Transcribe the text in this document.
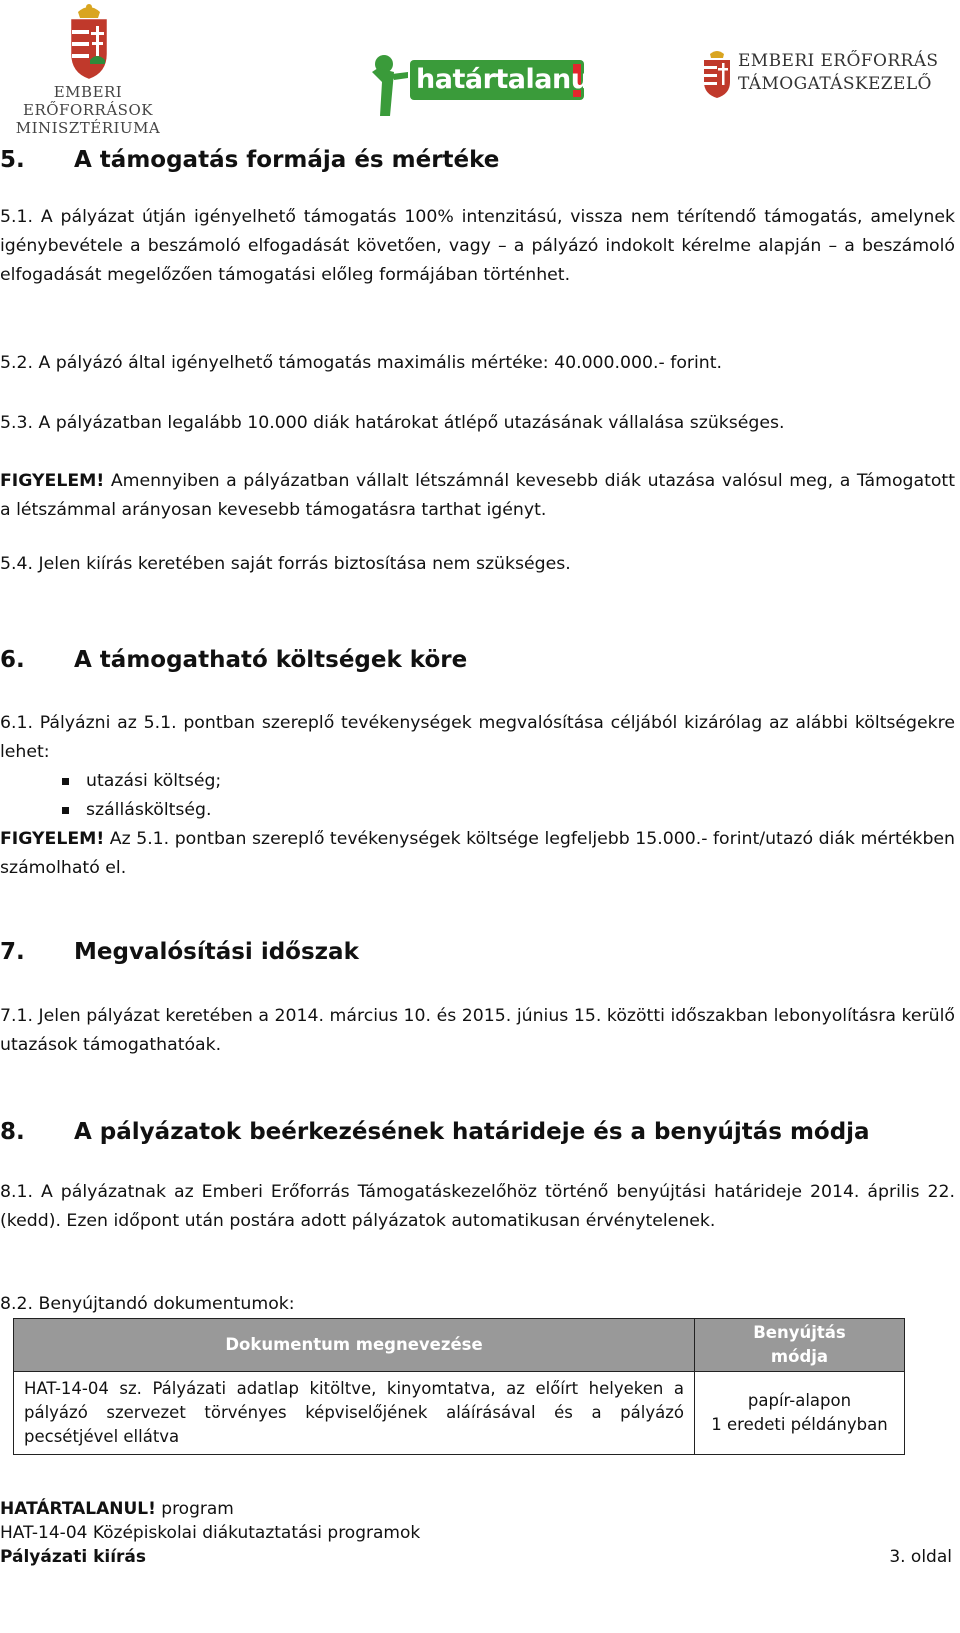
EMBERI ERŐFORRÁSOK
MINISZTÉRIUMA
határtalanul!
EMBERI ERŐFORRÁS
TÁMOGATÁSKEZELŐ
5. A támogatás formája és mértéke
5.1. A pályázat útján igényelhető támogatás 100% intenzitású, vissza nem térítendő támogatás, amelynek igénybevétele a beszámoló elfogadását követően, vagy – a pályázó indokolt kérelme alapján – a beszámoló elfogadását megelőzően támogatási előleg formájában történhet.
5.2. A pályázó által igényelhető támogatás maximális mértéke: 40.000.000.- forint.
5.3. A pályázatban legalább 10.000 diák határokat átlépő utazásának vállalása szükséges.
FIGYELEM! Amennyiben a pályázatban vállalt létszámnál kevesebb diák utazása valósul meg, a Támogatott a létszámmal arányosan kevesebb támogatásra tarthat igényt.
5.4. Jelen kiírás keretében saját forrás biztosítása nem szükséges.
6. A támogatható költségek köre
6.1. Pályázni az 5.1. pontban szereplő tevékenységek megvalósítása céljából kizárólag az alábbi költségekre lehet:
utazási költség;
szállásköltség.
FIGYELEM! Az 5.1. pontban szereplő tevékenységek költsége legfeljebb 15.000.- forint/utazó diák mértékben számolható el.
7. Megvalósítási időszak
7.1. Jelen pályázat keretében a 2014. március 10. és 2015. június 15. közötti időszakban lebonyolításra kerülő utazások támogathatóak.
8. A pályázatok beérkezésének határideje és a benyújtás módja
8.1. A pályázatnak az Emberi Erőforrás Támogatáskezelőhöz történő benyújtási határideje 2014. április 22. (kedd). Ezen időpont után postára adott pályázatok automatikusan érvénytelenek.
8.2. Benyújtandó dokumentumok:
Dokumentum megnevezése	Benyújtás
módja

HAT-14-04 sz. Pályázati adatlap kitöltve, kinyomtatva, az előírt helyeken a pályázó szervezet törvényes képviselőjének aláírásával és a pályázó pecsétjével ellátva	papír-alapon
1 eredeti példányban
HATÁRTALANUL! program
HAT-14-04 Középiskolai diákutaztatási programok
Pályázati kiírás	3. oldal
